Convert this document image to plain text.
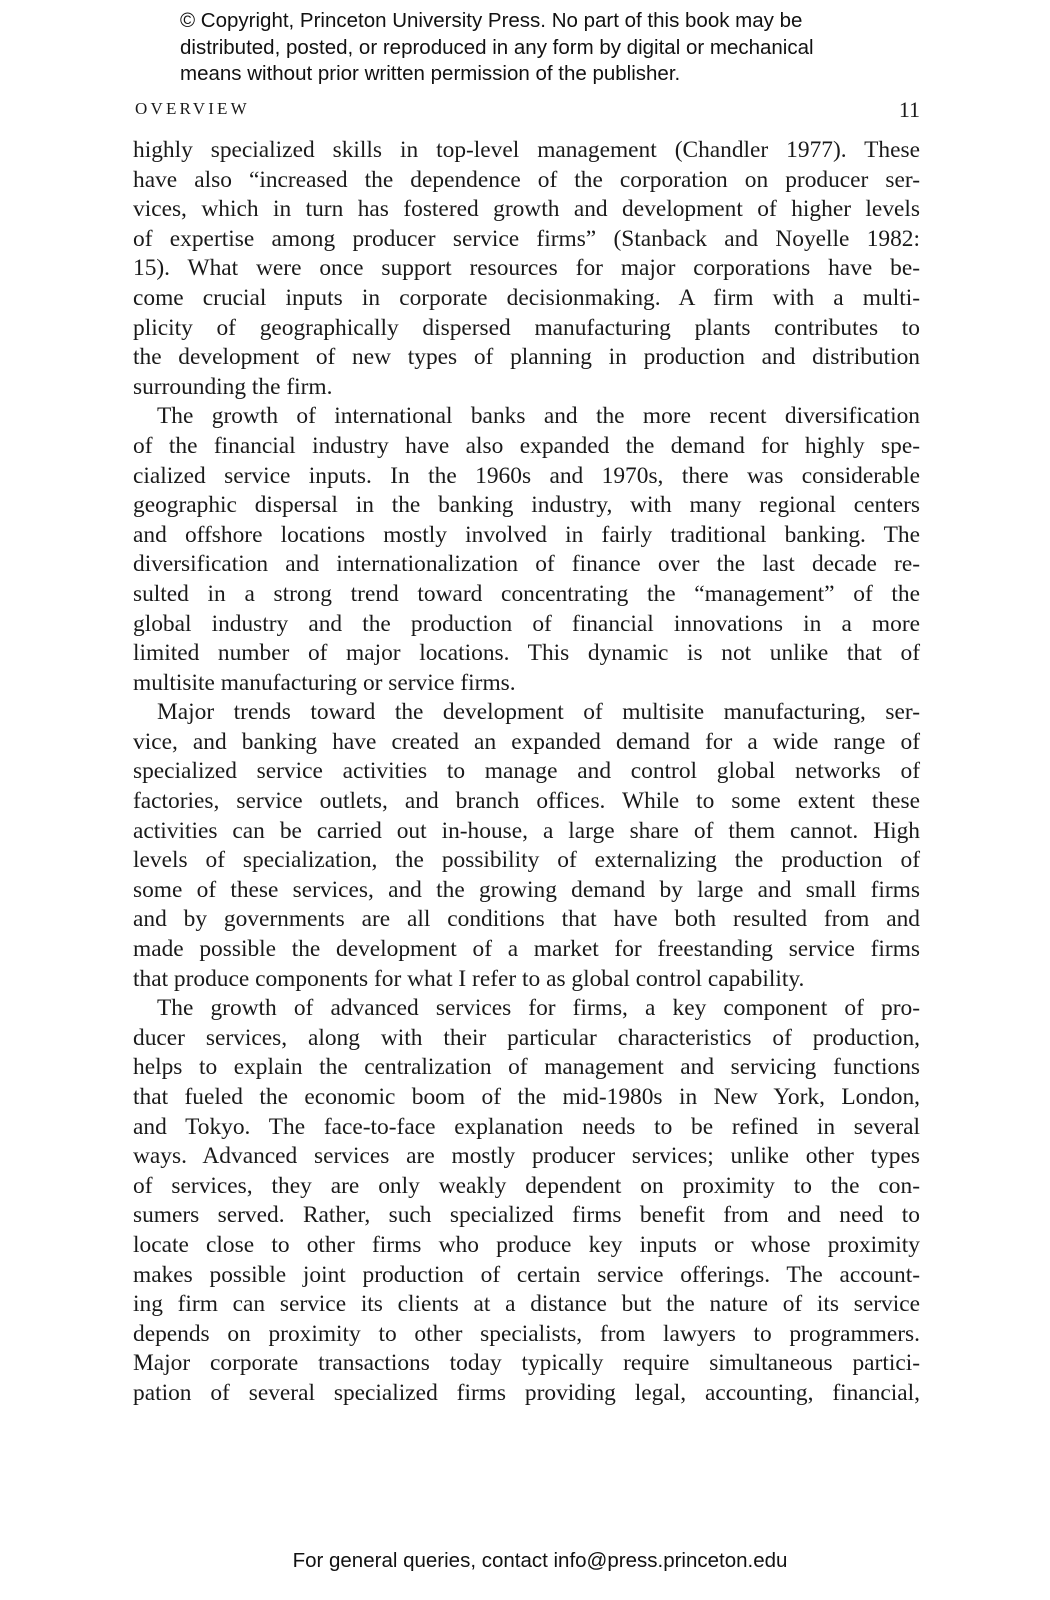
© Copyright, Princeton University Press. No part of this book may be
distributed, posted, or reproduced in any form by digital or mechanical
means without prior written permission of the publisher.
OVERVIEW	11
highly specialized skills in top-level management (Chandler 1977). These
have also “increased the dependence of the corporation on producer ser-
vices, which in turn has fostered growth and development of higher levels
of expertise among producer service firms” (Stanback and Noyelle 1982:
15). What were once support resources for major corporations have be-
come crucial inputs in corporate decisionmaking. A firm with a multi-
plicity of geographically dispersed manufacturing plants contributes to
the development of new types of planning in production and distribution
surrounding the firm.
The growth of international banks and the more recent diversification
of the financial industry have also expanded the demand for highly spe-
cialized service inputs. In the 1960s and 1970s, there was considerable
geographic dispersal in the banking industry, with many regional centers
and offshore locations mostly involved in fairly traditional banking. The
diversification and internationalization of finance over the last decade re-
sulted in a strong trend toward concentrating the “management” of the
global industry and the production of financial innovations in a more
limited number of major locations. This dynamic is not unlike that of
multisite manufacturing or service firms.
Major trends toward the development of multisite manufacturing, ser-
vice, and banking have created an expanded demand for a wide range of
specialized service activities to manage and control global networks of
factories, service outlets, and branch offices. While to some extent these
activities can be carried out in-house, a large share of them cannot. High
levels of specialization, the possibility of externalizing the production of
some of these services, and the growing demand by large and small firms
and by governments are all conditions that have both resulted from and
made possible the development of a market for freestanding service firms
that produce components for what I refer to as global control capability.
The growth of advanced services for firms, a key component of pro-
ducer services, along with their particular characteristics of production,
helps to explain the centralization of management and servicing functions
that fueled the economic boom of the mid-1980s in New York, London,
and Tokyo. The face-to-face explanation needs to be refined in several
ways. Advanced services are mostly producer services; unlike other types
of services, they are only weakly dependent on proximity to the con-
sumers served. Rather, such specialized firms benefit from and need to
locate close to other firms who produce key inputs or whose proximity
makes possible joint production of certain service offerings. The account-
ing firm can service its clients at a distance but the nature of its service
depends on proximity to other specialists, from lawyers to programmers.
Major corporate transactions today typically require simultaneous partici-
pation of several specialized firms providing legal, accounting, financial,
For general queries, contact info@press.princeton.edu
